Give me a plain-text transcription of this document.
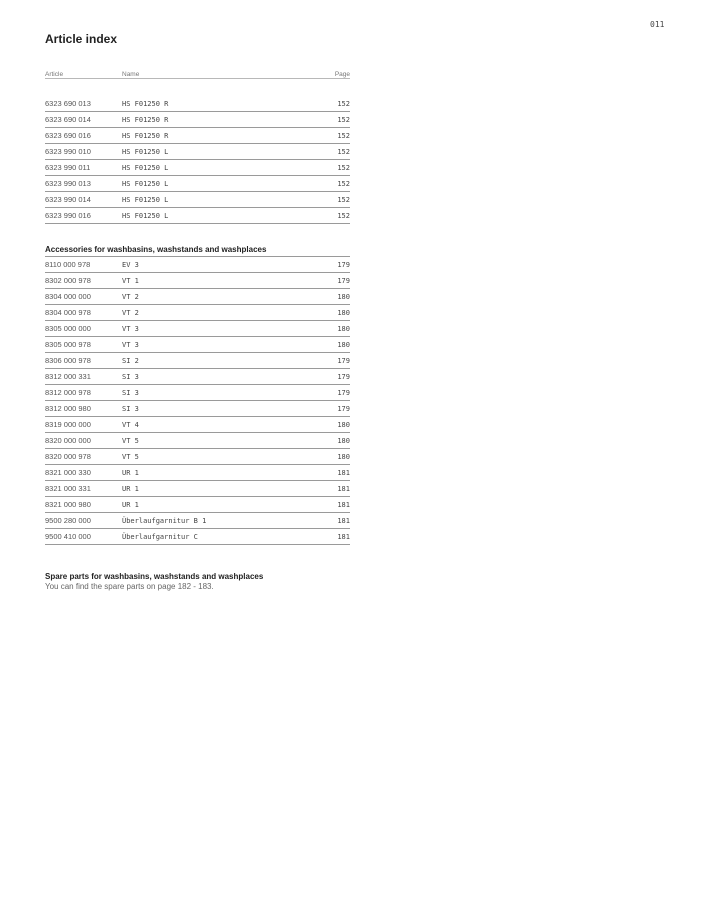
011
Article index
Article	Name	Page
6323 690 013	HS F01250 R	152
6323 690 014	HS F01250 R	152
6323 690 016	HS F01250 R	152
6323 990 010	HS F01250 L	152
6323 990 011	HS F01250 L	152
6323 990 013	HS F01250 L	152
6323 990 014	HS F01250 L	152
6323 990 016	HS F01250 L	152
Accessories for washbasins, washstands and washplaces
8110 000 978	EV 3	179
8302 000 978	VT 1	179
8304 000 000	VT 2	180
8304 000 978	VT 2	180
8305 000 000	VT 3	180
8305 000 978	VT 3	180
8306 000 978	SI 2	179
8312 000 331	SI 3	179
8312 000 978	SI 3	179
8312 000 980	SI 3	179
8319 000 000	VT 4	180
8320 000 000	VT 5	180
8320 000 978	VT 5	180
8321 000 330	UR 1	181
8321 000 331	UR 1	181
8321 000 980	UR 1	181
9500 280 000	Überlaufgarnitur B 1	181
9500 410 000	Überlaufgarnitur C	181
Spare parts for washbasins, washstands and washplaces
You can find the spare parts on page 182 - 183.
